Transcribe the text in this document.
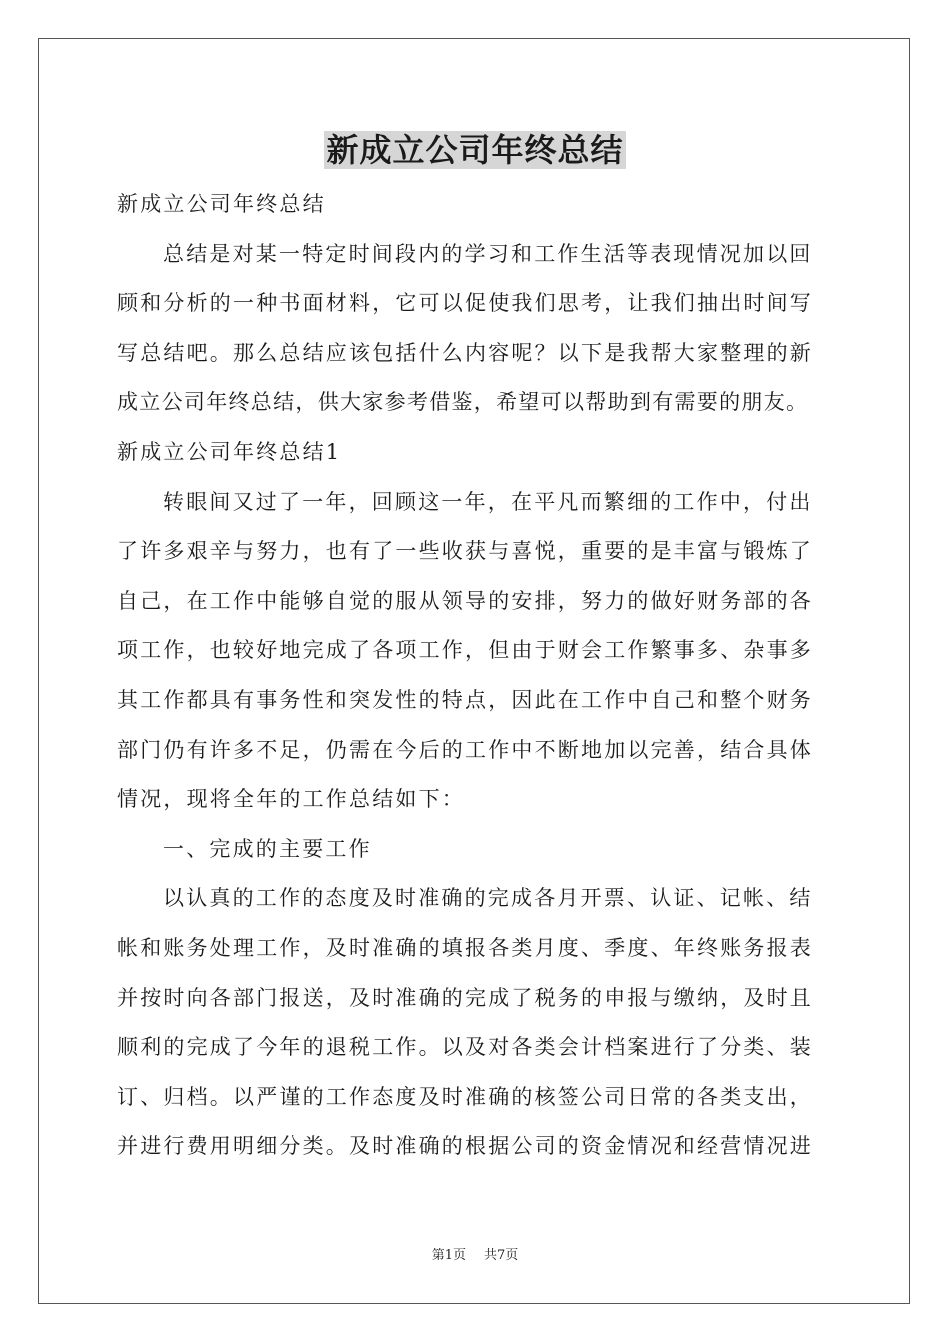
新成立公司年终总结
新成立公司年终总结
总结是对某一特定时间段内的学习和工作生活等表现情况加以回
顾和分析的一种书面材料，它可以促使我们思考，让我们抽出时间写
写总结吧。那么总结应该包括什么内容呢？以下是我帮大家整理的新
成立公司年终总结，供大家参考借鉴，希望可以帮助到有需要的朋友。
新成立公司年终总结1
转眼间又过了一年，回顾这一年，在平凡而繁细的工作中，付出
了许多艰辛与努力，也有了一些收获与喜悦，重要的是丰富与锻炼了
自己，在工作中能够自觉的服从领导的安排，努力的做好财务部的各
项工作，也较好地完成了各项工作，但由于财会工作繁事多、杂事多
其工作都具有事务性和突发性的特点，因此在工作中自己和整个财务
部门仍有许多不足，仍需在今后的工作中不断地加以完善，结合具体
情况，现将全年的工作总结如下：
一、完成的主要工作
以认真的工作的态度及时准确的完成各月开票、认证、记帐、结
帐和账务处理工作，及时准确的填报各类月度、季度、年终账务报表
并按时向各部门报送，及时准确的完成了税务的申报与缴纳，及时且
顺利的完成了今年的退税工作。以及对各类会计档案进行了分类、装
订、归档。以严谨的工作态度及时准确的核签公司日常的各类支出，
并进行费用明细分类。及时准确的根据公司的资金情况和经营情况进
第1页 共7页
